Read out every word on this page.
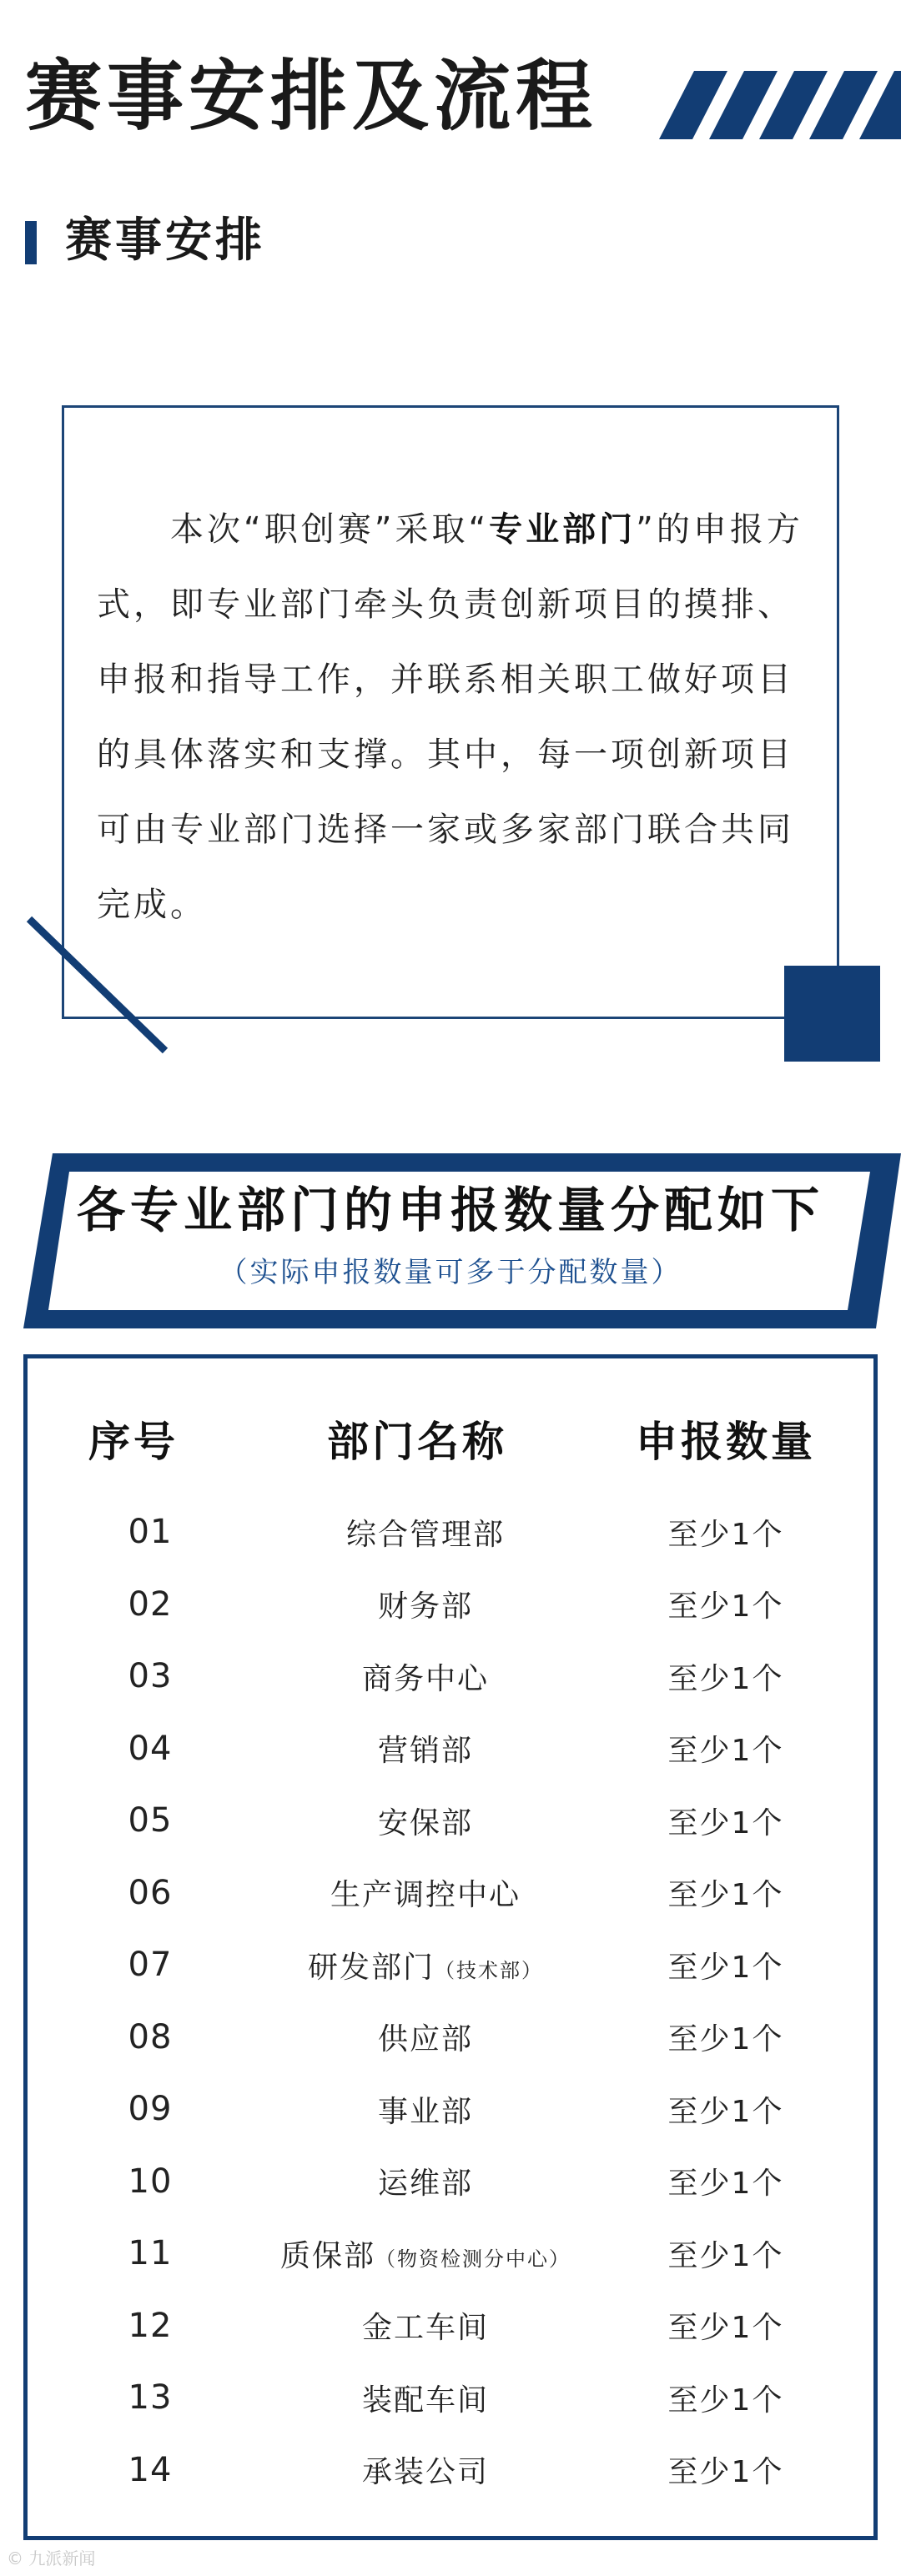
赛事安排及流程
赛事安排
本次“职创赛”采取“专业部门”的申报方式，即专业部门牵头负责创新项目的摸排、申报和指导工作，并联系相关职工做好项目的具体落实和支撑。其中，每一项创新项目可由专业部门选择一家或多家部门联合共同完成。
各专业部门的申报数量分配如下
（实际申报数量可多于分配数量）
序号	部门名称	申报数量
01	综合管理部	至少1个
02	财务部	至少1个
03	商务中心	至少1个
04	营销部	至少1个
05	安保部	至少1个
06	生产调控中心	至少1个
07	研发部门（技术部）	至少1个
08	供应部	至少1个
09	事业部	至少1个
10	运维部	至少1个
11	质保部（物资检测分中心）	至少1个
12	金工车间	至少1个
13	装配车间	至少1个
14	承装公司	至少1个
© 九派新闻
